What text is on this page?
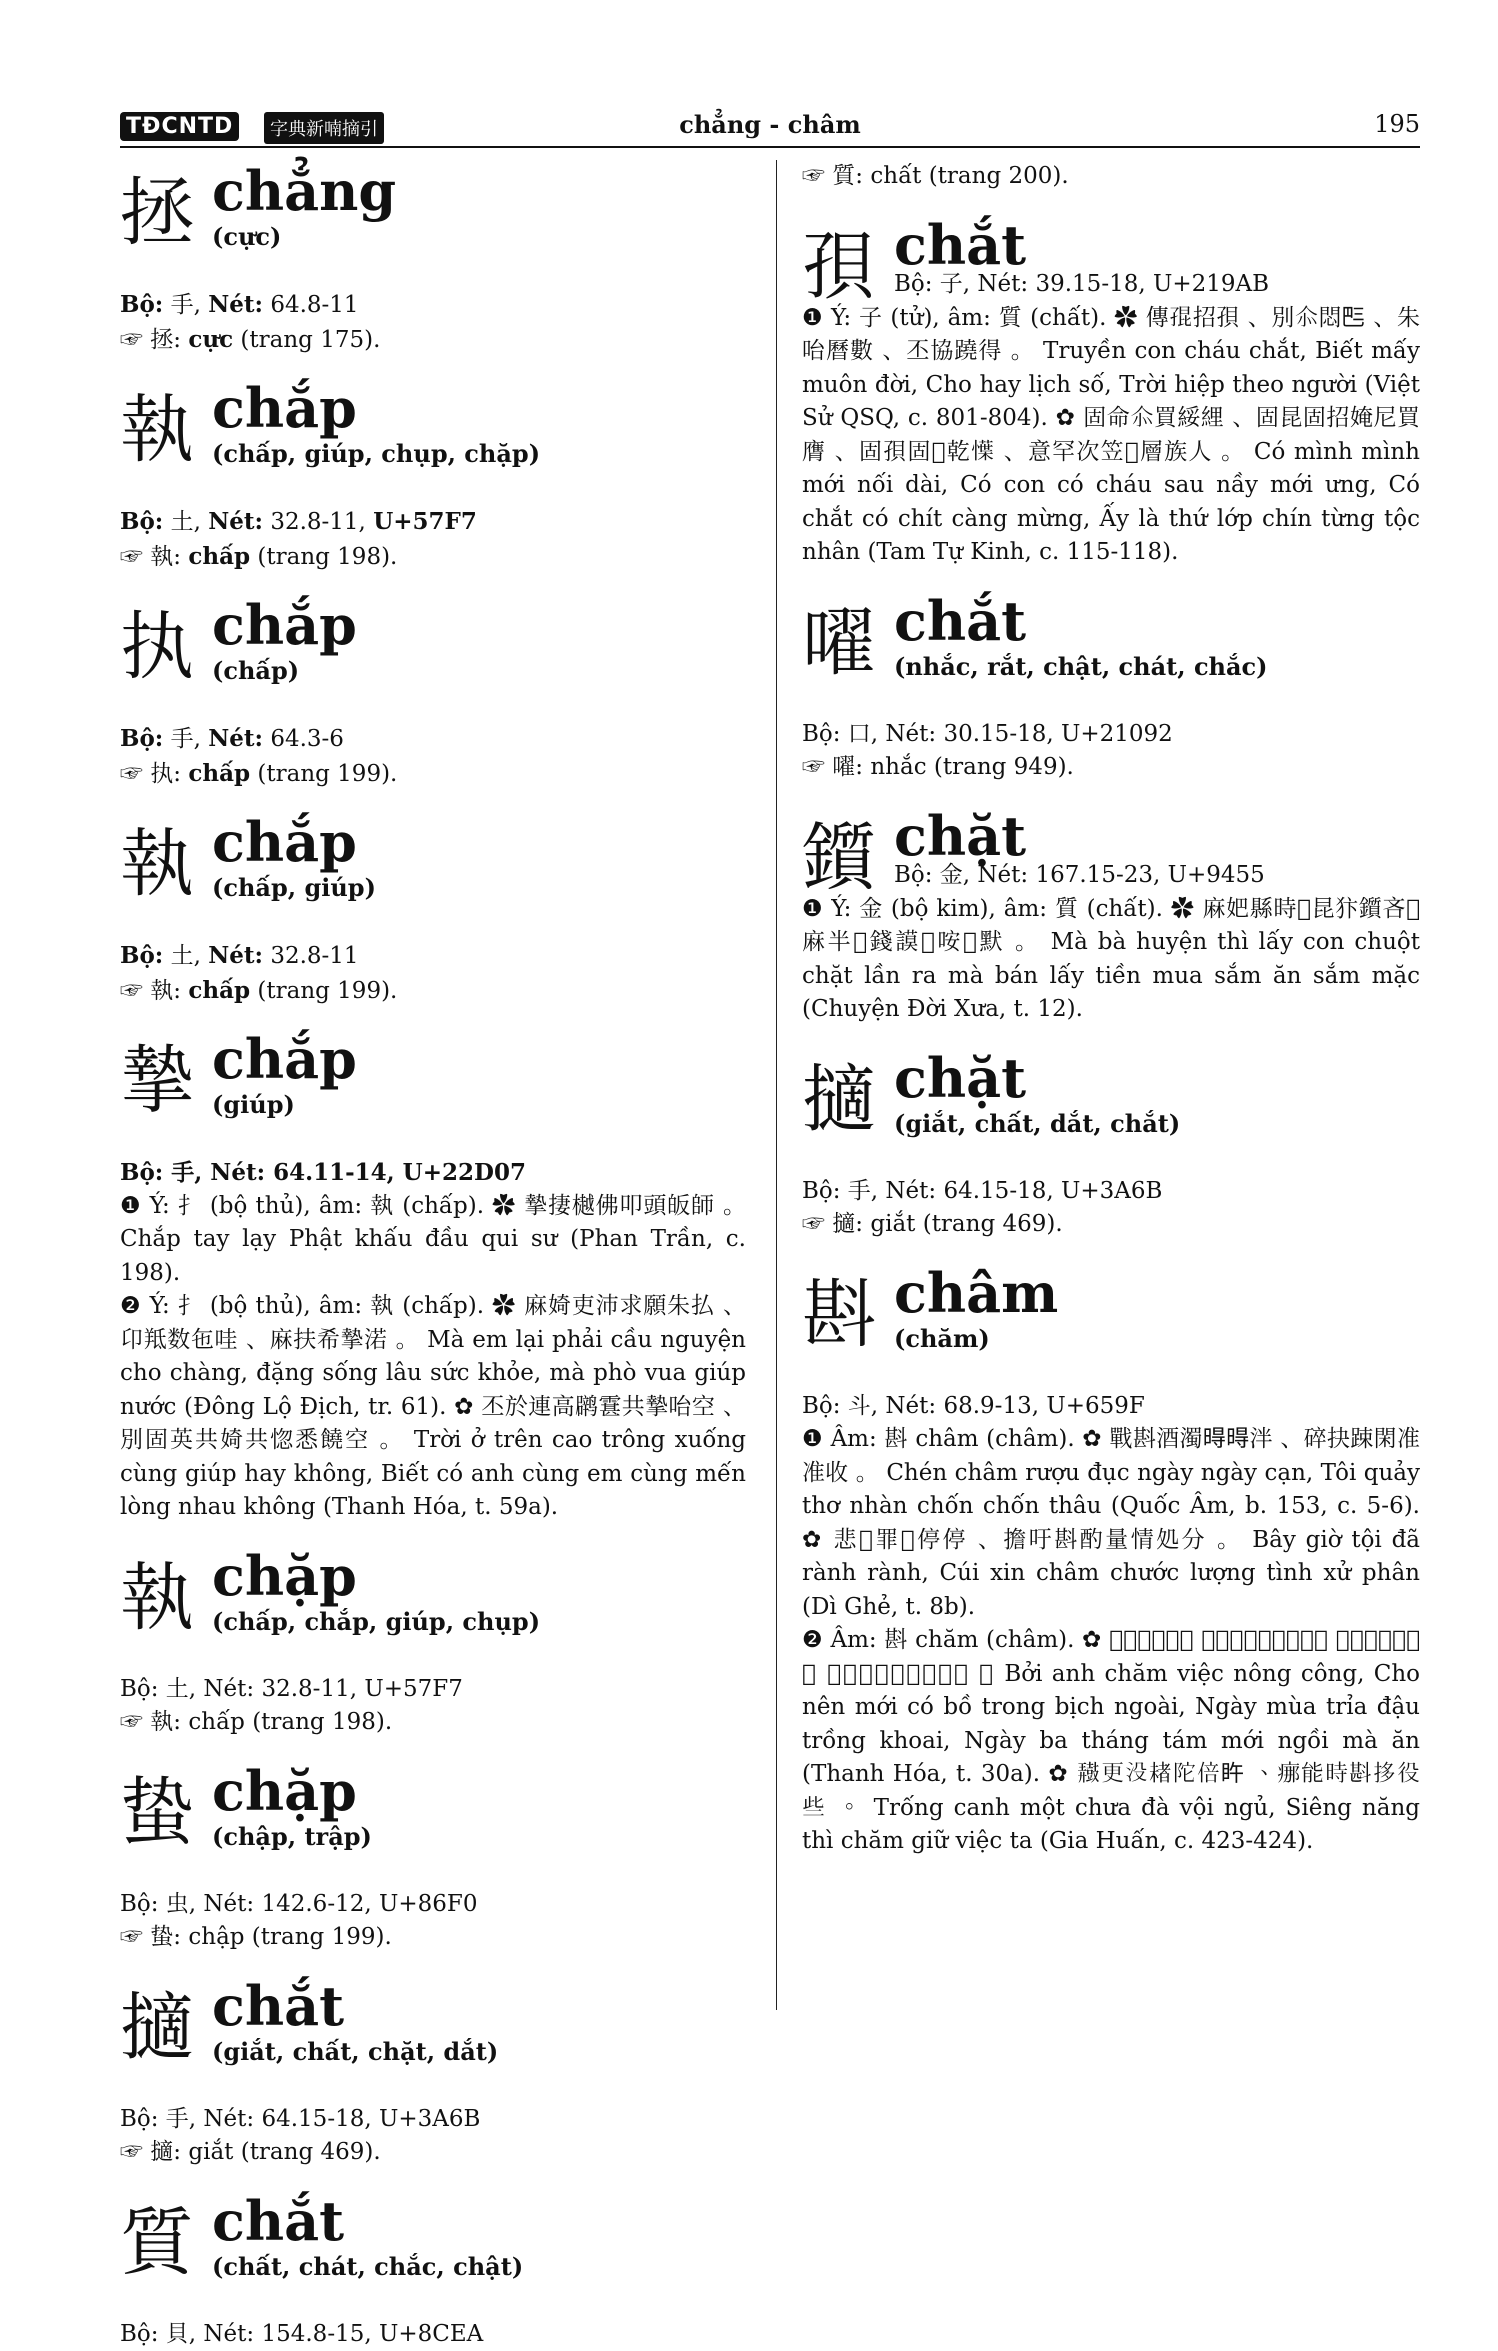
TĐCNTD	字典新喃摘引	chẳng - châm	195
拯 chẳng
(cực)
Bộ: 手, Nét: 64.8-11
☞ 拯: cực (trang 175).
執 chắp
(chấp, giúp, chụp, chặp)
Bộ: 土, Nét: 32.8-11, U+57F7
☞ 執: chấp (trang 198).
执 chắp
(chấp)
Bộ: 手, Nét: 64.3-6
☞ 执: chấp (trang 199).
執 chắp
(chấp, giúp)
Bộ: 土, Nét: 32.8-11
☞ 執: chấp (trang 199).
摯 chắp
(giúp)
Bộ: 手, Nét: 64.11-14, U+22D07
❶ Ý: 扌 (bộ thủ), âm: 執 (chấp). ✿ 摯捿樾佛叩頭皈師 。 Chắp tay lạy Phật khấu đầu qui sư (Phan Trần, c. 198).
❷ Ý: 扌 (bộ thủ), âm: 執 (chấp). ✿ 麻婍吏沛求願朱払 、卬羝数㐌哇 、麻扶希摯渃 。 Mà em lại phải cầu nguyện cho chàng, đặng sống lâu sức khỏe, mà phò vua giúp nước (Đông Lộ Địch, tr. 61). ✿ 丕於連高䴙䨢共摯咍空 、別固英共婍共惚悉饒空 。 Trời ở trên cao trông xuống cùng giúp hay không, Biết có anh cùng em cùng mến lòng nhau không (Thanh Hóa, t. 59a).
執 chặp
(chấp, chắp, giúp, chụp)
Bộ: 土, Nét: 32.8-11, U+57F7
☞ 執: chấp (trang 198).
蛰 chặp
(chập, trập)
Bộ: 虫, Nét: 142.6-12, U+86F0
☞ 蛰: chập (trang 199).
擿 chắt
(giắt, chất, chặt, dắt)
Bộ: 手, Nét: 64.15-18, U+3A6B
☞ 擿: giắt (trang 469).
質 chắt
(chất, chát, chắc, chật)
Bộ: 貝, Nét: 154.8-15, U+8CEA
☞ 質: chất (trang 200).
孭 chắt
Bộ: 子, Nét: 39.15-18, U+219AB
❶ Ý: 子 (tử), âm: 質 (chất). ✿ 傳𡥵招孭 、別𠇍悶𠀧 、朱咍曆數 、丕協蹺得 。 Truyền con cháu chắt, Biết mấy muôn đời, Cho hay lịch số, Trời hiệp theo người (Việt Sử QSQ, c. 801-804). ✿ 固命𠇍買綏䋥 、固昆固招㛪尼買膺 、固孭固𢧚乾𢢲 、意罕次笠𦁹層族人 。 Có mình mình mới nối dài, Có con có cháu sau nầy mới ưng, Có chắt có chít càng mừng, Ấy là thứ lớp chín từng tộc nhân (Tam Tự Kinh, c. 115-118).
嚁 chắt
(nhắc, rắt, chật, chát, chắc)
Bộ: 口, Nét: 30.15-18, U+21092
☞ 嚁: nhắc (trang 949).
鑕 chặt
Bộ: 金, Nét: 167.15-23, U+9455
❶ Ý: 金 (bộ kim), âm: 質 (chất). ✿ 麻妑縣時𥙩昆犿鑕吝𠺥麻半𥙩錢謨𢥮咹𢥮默 。 Mà bà huyện thì lấy con chuột chặt lần ra mà bán lấy tiền mua sắm ăn sắm mặc (Chuyện Đời Xưa, t. 12).
擿 chặt
(giắt, chất, dắt, chắt)
Bộ: 手, Nét: 64.15-18, U+3A6B
☞ 擿: giắt (trang 469).
斟 châm
(chăm)
Bộ: 斗, Nét: 68.9-13, U+659F
❶ Âm: 斟 châm (châm). ✿ 戰斟酒濁𣈜𣈜泮 、碎抉踈閑准准收 。 Chén châm rượu đục ngày ngày cạn, Tôi quảy thơ nhàn chốn chốn thâu (Quốc Âm, b. 153, c. 5-6). ✿ 悲𣇞罪𢠩停停 、擔吁斟酌量情処分 。 Bây giờ tội đã rành rành, Cúi xin châm chước lượng tình xử phân (Dì Ghẻ, t. 8b).
❷ Âm: 斟 chăm (châm). ✿ 𪱗英斟役農功 、朱铖買固蒲𨕭𡗅外 、𣈜務沛豆揰𦼔 、𣈜巴𦖑𠓨買坐麻咹 。 Bởi anh chăm việc nông công, Cho nên mới có bồ trong bịch ngoài, Ngày mùa trỉa đậu trồng khoai, Ngày ba tháng tám mới ngồi mà ăn (Thanh Hóa, t. 30a). ✿ 𪔠更没𣗓陀倍𥄭 、𤶸能時斟拸役些 。 Trống canh một chưa đà vội ngủ, Siêng năng thì chăm giữ việc ta (Gia Huấn, c. 423-424).
